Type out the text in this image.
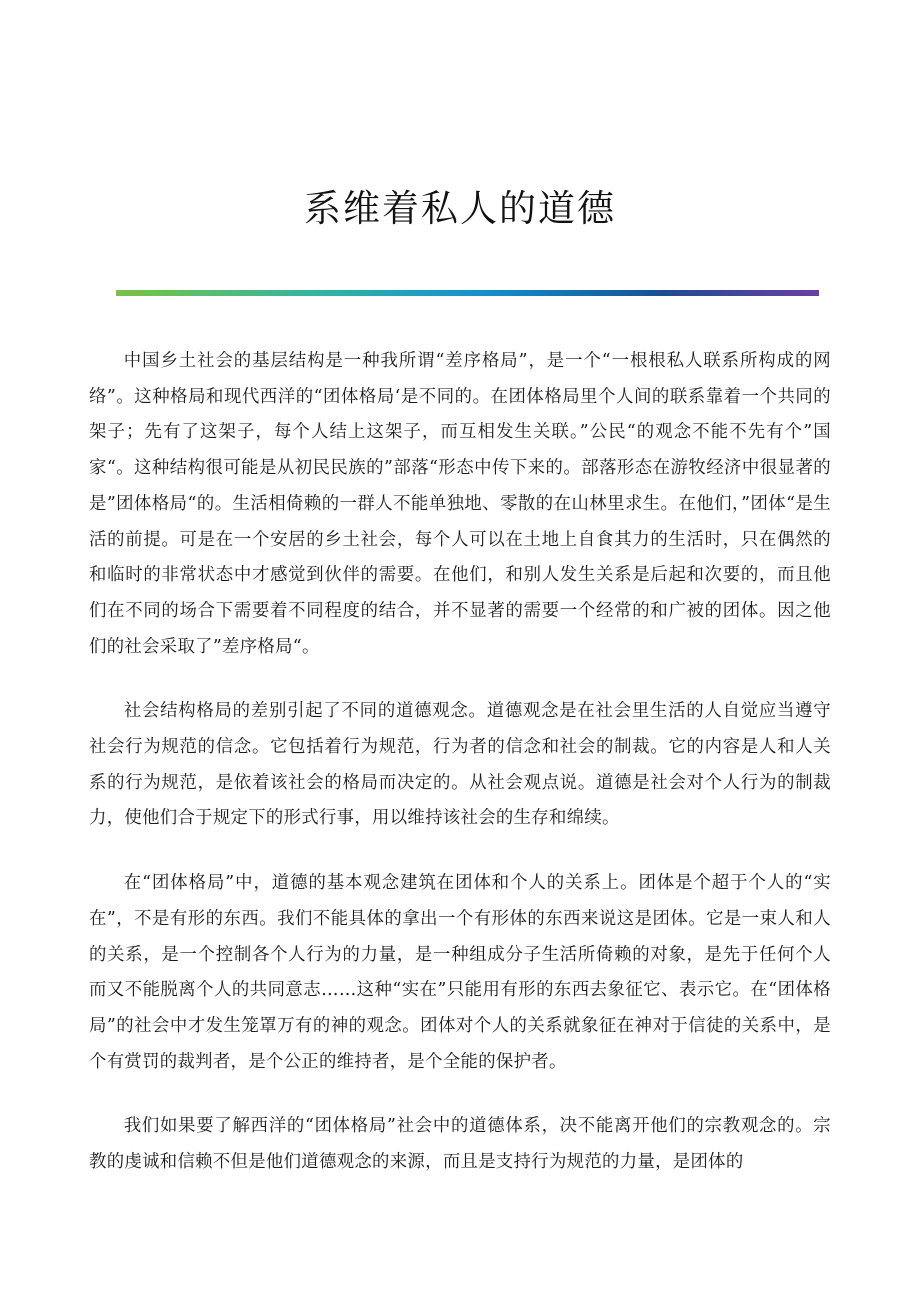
系维着私人的道德

中国乡土社会的基层结构是一种我所谓“差序格局”，是一个“一根根私人联系所构成的网络”。这种格局和现代西洋的“团体格局‘是不同的。在团体格局里个人间的联系靠着一个共同的架子；先有了这架子，每个人结上这架子，而互相发生关联。”公民“的观念不能不先有个”国家“。这种结构很可能是从初民民族的”部落“形态中传下来的。部落形态在游牧经济中很显著的是”团体格局“的。生活相倚赖的一群人不能单独地、零散的在山林里求生。在他们，”团体“是生活的前提。可是在一个安居的乡土社会，每个人可以在土地上自食其力的生活时，只在偶然的和临时的非常状态中才感觉到伙伴的需要。在他们，和别人发生关系是后起和次要的，而且他们在不同的场合下需要着不同程度的结合，并不显著的需要一个经常的和广被的团体。因之他们的社会采取了”差序格局“。

社会结构格局的差别引起了不同的道德观念。道德观念是在社会里生活的人自觉应当遵守社会行为规范的信念。它包括着行为规范，行为者的信念和社会的制裁。它的内容是人和人关系的行为规范，是依着该社会的格局而决定的。从社会观点说。道德是社会对个人行为的制裁力，使他们合于规定下的形式行事，用以维持该社会的生存和绵续。

在“团体格局”中，道德的基本观念建筑在团体和个人的关系上。团体是个超于个人的“实在”，不是有形的东西。我们不能具体的拿出一个有形体的东西来说这是团体。它是一束人和人的关系，是一个控制各个人行为的力量，是一种组成分子生活所倚赖的对象，是先于任何个人而又不能脱离个人的共同意志……这种“实在”只能用有形的东西去象征它、表示它。在“团体格局”的社会中才发生笼罩万有的神的观念。团体对个人的关系就象征在神对于信徒的关系中，是个有赏罚的裁判者，是个公正的维持者，是个全能的保护者。

我们如果要了解西洋的“团体格局”社会中的道德体系，决不能离开他们的宗教观念的。宗教的虔诚和信赖不但是他们道德观念的来源，而且是支持行为规范的力量，是团体的
